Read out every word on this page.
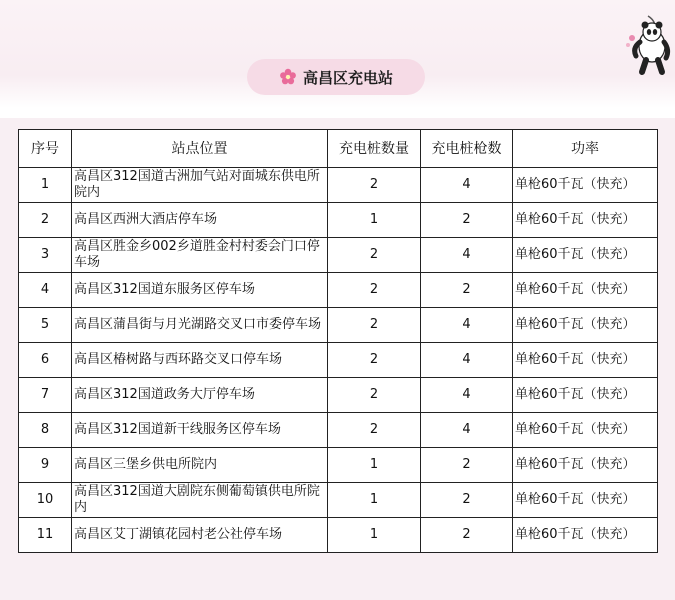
高昌区充电站
序号	站点位置	充电桩数量	充电桩枪数	功率
1	高昌区312国道古洲加气站对面城东供电所院内	2	4	单枪60千瓦（快充）
2	高昌区西洲大酒店停车场	1	2	单枪60千瓦（快充）
3	高昌区胜金乡002乡道胜金村村委会门口停车场	2	4	单枪60千瓦（快充）
4	高昌区312国道东服务区停车场	2	2	单枪60千瓦（快充）
5	高昌区蒲昌街与月光湖路交叉口市委停车场	2	4	单枪60千瓦（快充）
6	高昌区椿树路与西环路交叉口停车场	2	4	单枪60千瓦（快充）
7	高昌区312国道政务大厅停车场	2	4	单枪60千瓦（快充）
8	高昌区312国道新干线服务区停车场	2	4	单枪60千瓦（快充）
9	高昌区三堡乡供电所院内	1	2	单枪60千瓦（快充）
10	高昌区312国道大剧院东侧葡萄镇供电所院内	1	2	单枪60千瓦（快充）
11	高昌区艾丁湖镇花园村老公社停车场	1	2	单枪60千瓦（快充）
